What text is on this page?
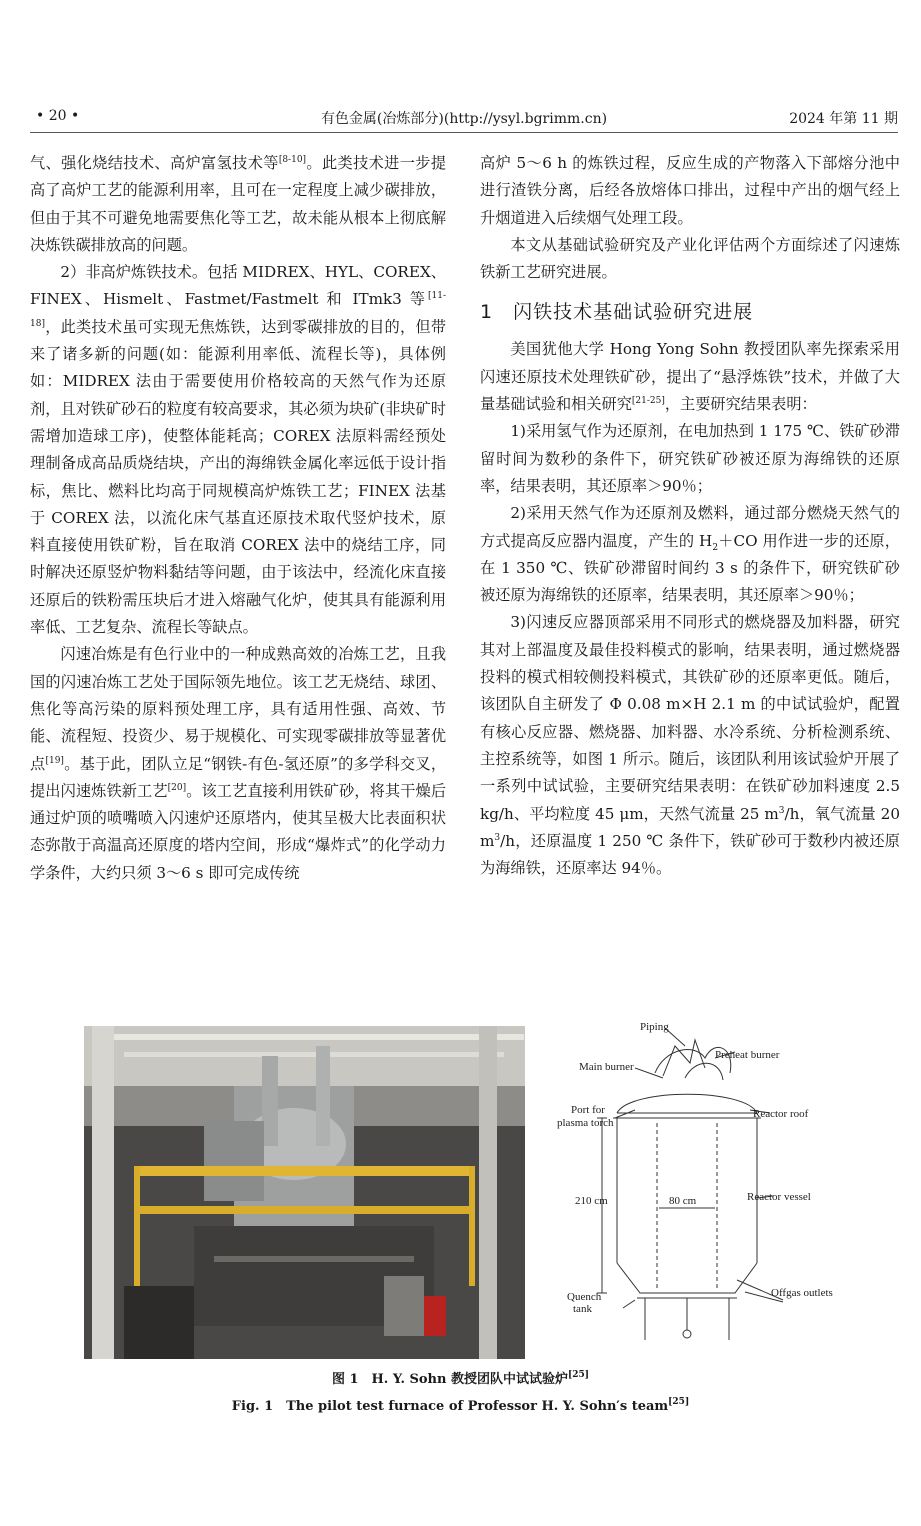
• 20 •	有色金属(冶炼部分)(http://ysyl.bgrimm.cn)	2024 年第 11 期

气、强化烧结技术、高炉富氢技术等[8-10]。此类技术进一步提高了高炉工艺的能源利用率，且可在一定程度上减少碳排放，但由于其不可避免地需要焦化等工艺，故未能从根本上彻底解决炼铁碳排放高的问题。

2）非高炉炼铁技术。包括 MIDREX、HYL、COREX、FINEX、Hismelt、Fastmet/Fastmelt 和 ITmk3 等[11-18]，此类技术虽可实现无焦炼铁，达到零碳排放的目的，但带来了诸多新的问题(如：能源利用率低、流程长等)，具体例如：MIDREX 法由于需要使用价格较高的天然气作为还原剂，且对铁矿砂石的粒度有较高要求，其必须为块矿(非块矿时需增加造球工序)，使整体能耗高；COREX 法原料需经预处理制备成高品质烧结块，产出的海绵铁金属化率远低于设计指标，焦比、燃料比均高于同规模高炉炼铁工艺；FINEX 法基于 COREX 法，以流化床气基直还原技术取代竖炉技术，原料直接使用铁矿粉，旨在取消 COREX 法中的烧结工序，同时解决还原竖炉物料黏结等问题，由于该法中，经流化床直接还原后的铁粉需压块后才进入熔融气化炉，使其具有能源利用率低、工艺复杂、流程长等缺点。

闪速冶炼是有色行业中的一种成熟高效的冶炼工艺，且我国的闪速冶炼工艺处于国际领先地位。该工艺无烧结、球团、焦化等高污染的原料预处理工序，具有适用性强、高效、节能、流程短、投资少、易于规模化、可实现零碳排放等显著优点[19]。基于此，团队立足“钢铁-有色-氢还原”的多学科交叉，提出闪速炼铁新工艺[20]。该工艺直接利用铁矿砂，将其干燥后通过炉顶的喷嘴喷入闪速炉还原塔内，使其呈极大比表面积状态弥散于高温高还原度的塔内空间，形成“爆炸式”的化学动力学条件，大约只须 3～6 s 即可完成传统

高炉 5～6 h 的炼铁过程，反应生成的产物落入下部熔分池中进行渣铁分离，后经各放熔体口排出，过程中产出的烟气经上升烟道进入后续烟气处理工段。

本文从基础试验研究及产业化评估两个方面综述了闪速炼铁新工艺研究进展。

1　闪铁技术基础试验研究进展

美国犹他大学 Hong Yong Sohn 教授团队率先探索采用闪速还原技术处理铁矿砂，提出了“悬浮炼铁”技术，并做了大量基础试验和相关研究[21-25]，主要研究结果表明：

1)采用氢气作为还原剂，在电加热到 1 175 ℃、铁矿砂滞留时间为数秒的条件下，研究铁矿砂被还原为海绵铁的还原率，结果表明，其还原率＞90％；

2)采用天然气作为还原剂及燃料，通过部分燃烧天然气的方式提高反应器内温度，产生的 $H_2+CO$ 用作进一步的还原，在 1 350 ℃、铁矿砂滞留时间约 3 s 的条件下，研究铁矿砂被还原为海绵铁的还原率，结果表明，其还原率＞90％；

3)闪速反应器顶部采用不同形式的燃烧器及加料器，研究其对上部温度及最佳投料模式的影响，结果表明，通过燃烧器投料的模式相较侧投料模式，其铁矿砂的还原率更低。随后，该团队自主研发了 Φ 0.08 m×H 2.1 m 的中试试验炉，配置有核心反应器、燃烧器、加料器、水冷系统、分析检测系统、主控系统等，如图 1 所示。随后，该团队利用该试验炉开展了一系列中试试验，主要研究结果表明：在铁矿砂加料速度 2.5 kg/h、平均粒度 45 μm，天然气流量 25 $m^3/h$，氧气流量 20 $m^3/h$，还原温度 1 250 ℃ 条件下，铁矿砂可于数秒内被还原为海绵铁，还原率达 94％。

Piping
Preheat burner
Main burner
Port for
plasma torch
Reactor roof
210 cm	80 cm	Reactor vessel
Quench
tank
Offgas outlets
图 1　H. Y. Sohn 教授团队中试试验炉[25]
Fig. 1　The pilot test furnace of Professor H. Y. Sohn′s team[25]
